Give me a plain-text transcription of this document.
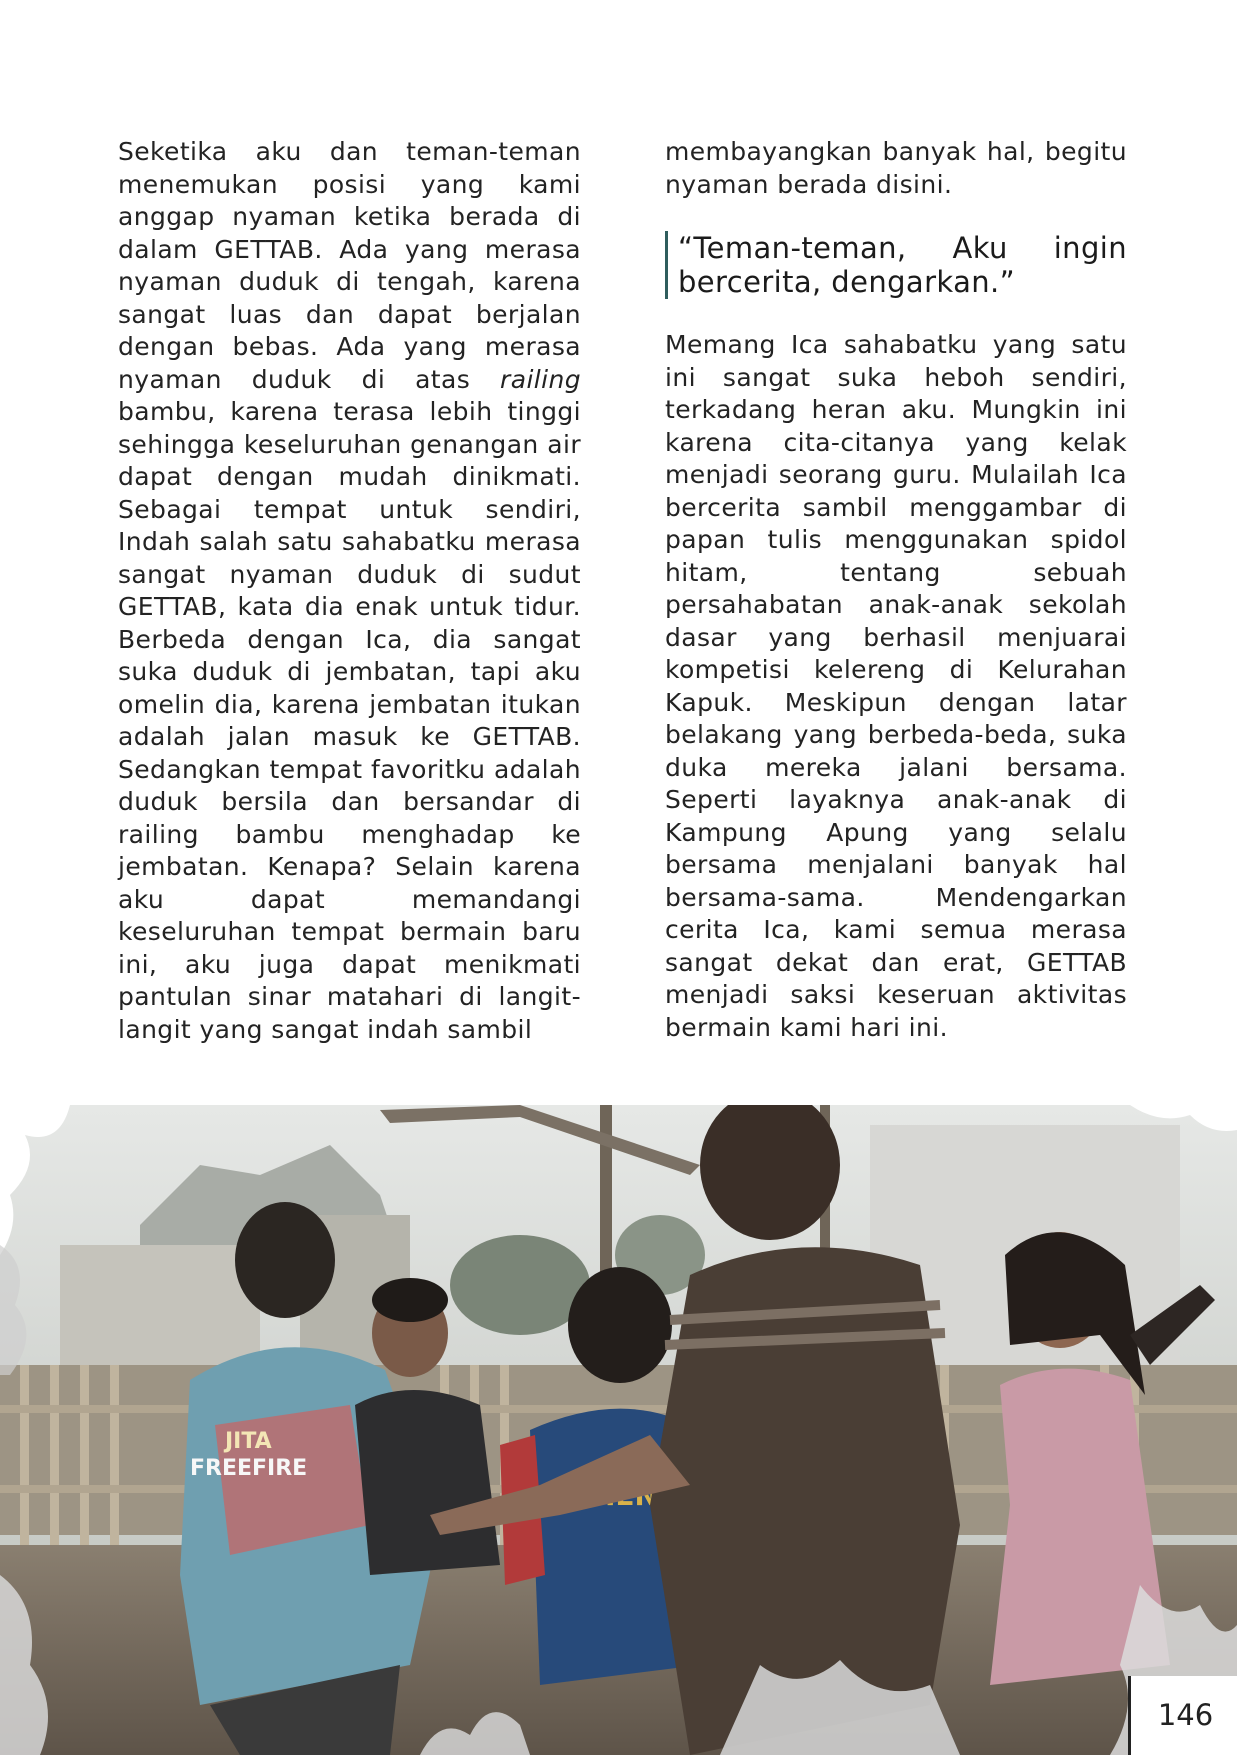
Seketika aku dan teman-teman menemukan posisi yang kami anggap nyaman ketika berada di dalam GETTAB. Ada yang merasa nyaman duduk di tengah, karena sangat luas dan dapat berjalan dengan bebas. Ada yang merasa nyaman duduk di atas railing bambu, karena terasa lebih tinggi sehingga keseluruhan genangan air dapat dengan mudah dinikmati. Sebagai tempat untuk sendiri, Indah salah satu sahabatku merasa sangat nyaman duduk di sudut GETTAB, kata dia enak untuk tidur. Berbeda dengan Ica, dia sangat suka duduk di jembatan, tapi aku omelin dia, karena jembatan itukan adalah jalan masuk ke GETTAB. Sedangkan tempat favoritku adalah duduk bersila dan bersandar di railing bambu menghadap ke jembatan. Kenapa? Selain karena aku dapat memandangi keseluruhan tempat bermain baru ini, aku juga dapat menikmati pantulan sinar matahari di langit-langit yang sangat indah sambil

membayangkan banyak hal, begitu nyaman berada disini.

“Teman-teman, Aku ingin bercerita, dengarkan.”

Memang Ica sahabatku yang satu ini sangat suka heboh sendiri, terkadang heran aku. Mungkin ini karena cita-citanya yang kelak menjadi seorang guru. Mulailah Ica bercerita sambil menggambar di papan tulis menggunakan spidol hitam, tentang sebuah persahabatan anak-anak sekolah dasar yang berhasil menjuarai kompetisi kelereng di Kelurahan Kapuk. Meskipun dengan latar belakang yang berbeda-beda, suka duka mereka jalani bersama. Seperti layaknya anak-anak di Kampung Apung yang selalu bersama menjalani banyak hal bersama-sama. Mendengarkan cerita Ica, kami semua merasa sangat dekat dan erat, GETTAB menjadi saksi keseruan aktivitas bermain kami hari ini.

JITA
FREEFIRE
146
